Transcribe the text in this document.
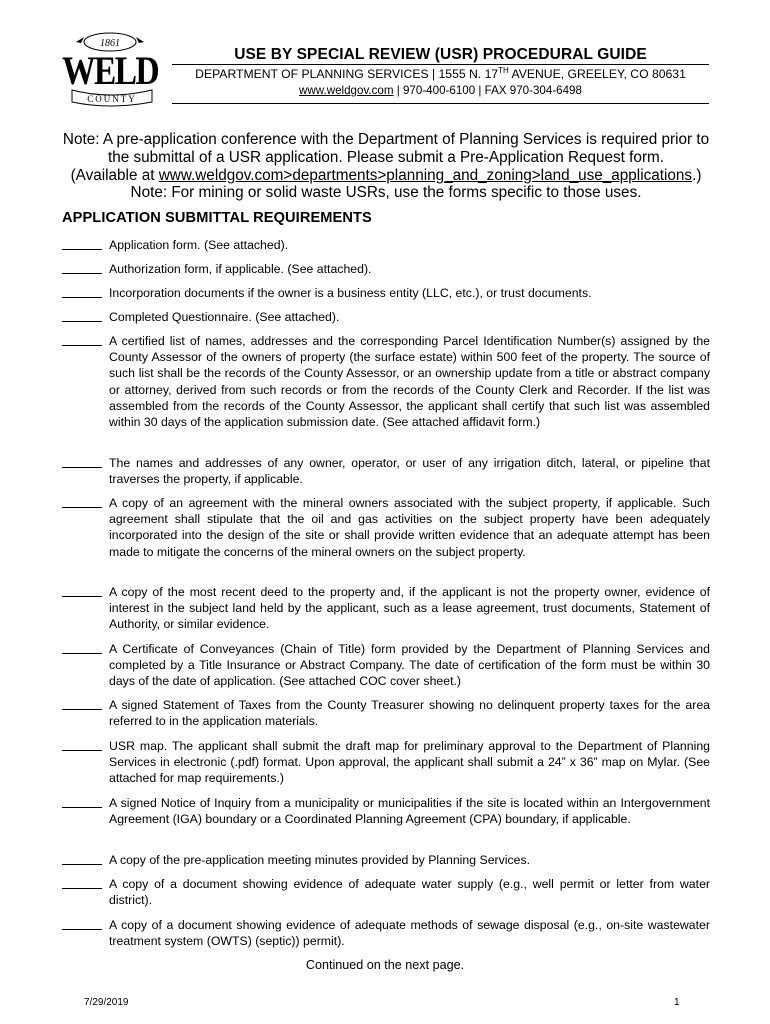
1861
WELD
COUNTY
USE BY SPECIAL REVIEW (USR) PROCEDURAL GUIDE
DEPARTMENT OF PLANNING SERVICES | 1555 N. 17TH AVENUE, GREELEY, CO 80631
www.weldgov.com | 970-400-6100 | FAX 970-304-6498
Note: A pre-application conference with the Department of Planning Services is required prior to
the submittal of a USR application. Please submit a Pre-Application Request form.
(Available at www.weldgov.com>departments>planning_and_zoning>land_use_applications.)
Note: For mining or solid waste USRs, use the forms specific to those uses.
APPLICATION SUBMITTAL REQUIREMENTS
Application form. (See attached).
Authorization form, if applicable. (See attached).
Incorporation documents if the owner is a business entity (LLC, etc.), or trust documents.
Completed Questionnaire. (See attached).
A certified list of names, addresses and the corresponding Parcel Identification Number(s) assigned by the County Assessor of the owners of property (the surface estate) within 500 feet of the property. The source of such list shall be the records of the County Assessor, or an ownership update from a title or abstract company or attorney, derived from such records or from the records of the County Clerk and Recorder. If the list was assembled from the records of the County Assessor, the applicant shall certify that such list was assembled within 30 days of the application submission date. (See attached affidavit form.)
The names and addresses of any owner, operator, or user of any irrigation ditch, lateral, or pipeline that traverses the property, if applicable.
A copy of an agreement with the mineral owners associated with the subject property, if applicable. Such agreement shall stipulate that the oil and gas activities on the subject property have been adequately incorporated into the design of the site or shall provide written evidence that an adequate attempt has been made to mitigate the concerns of the mineral owners on the subject property.
A copy of the most recent deed to the property and, if the applicant is not the property owner, evidence of interest in the subject land held by the applicant, such as a lease agreement, trust documents, Statement of Authority, or similar evidence.
A Certificate of Conveyances (Chain of Title) form provided by the Department of Planning Services and completed by a Title Insurance or Abstract Company. The date of certification of the form must be within 30 days of the date of application. (See attached COC cover sheet.)
A signed Statement of Taxes from the County Treasurer showing no delinquent property taxes for the area referred to in the application materials.
USR map. The applicant shall submit the draft map for preliminary approval to the Department of Planning Services in electronic (.pdf) format. Upon approval, the applicant shall submit a 24” x 36” map on Mylar. (See attached for map requirements.)
A signed Notice of Inquiry from a municipality or municipalities if the site is located within an Intergovernment Agreement (IGA) boundary or a Coordinated Planning Agreement (CPA) boundary, if applicable.
A copy of the pre-application meeting minutes provided by Planning Services.
A copy of a document showing evidence of adequate water supply (e.g., well permit or letter from water district).
A copy of a document showing evidence of adequate methods of sewage disposal (e.g., on-site wastewater treatment system (OWTS) (septic)) permit).
Continued on the next page.
7/29/2019	1
